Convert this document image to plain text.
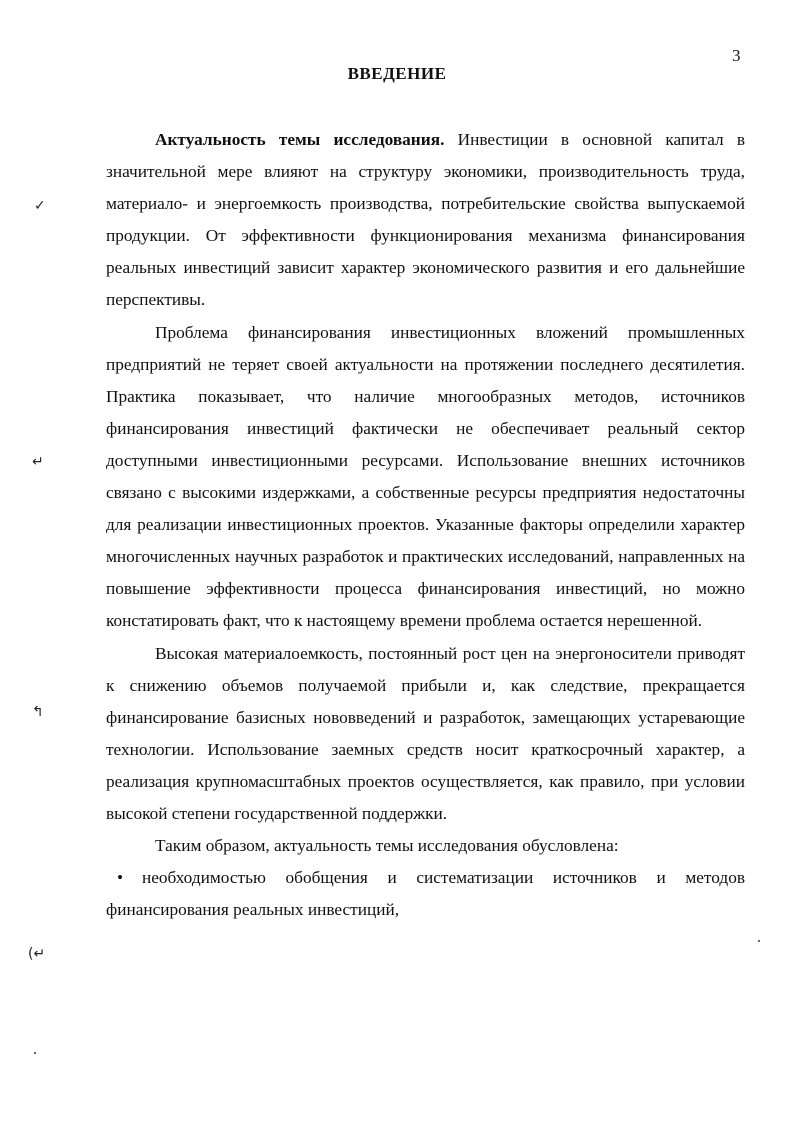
3
ВВЕДЕНИЕ
✓
↵
↰
(↵

Актуальность темы исследования. Инвестиции в основной капитал в значительной мере влияют на структуру экономики, производительность труда, материало- и энергоемкость производства, потребительские свойства выпускаемой продукции. От эффективности функционирования механизма финансирования реальных инвестиций зависит характер экономического развития и его дальнейшие перспективы.

Проблема финансирования инвестиционных вложений промышленных предприятий не теряет своей актуальности на протяжении последнего десятилетия. Практика показывает, что наличие многообразных методов, источников финансирования инвестиций фактически не обеспечивает реальный сектор доступными инвестиционными ресурсами. Использование внешних источников связано с высокими издержками, а собственные ресурсы предприятия недостаточны для реализации инвестиционных проектов. Указанные факторы определили характер многочисленных научных разработок и практических исследований, направленных на повышение эффективности процесса финансирования инвестиций, но можно констатировать факт, что к настоящему времени проблема остается нерешенной.

Высокая материалоемкость, постоянный рост цен на энергоносители приводят к снижению объемов получаемой прибыли и, как следствие, прекращается финансирование базисных нововведений и разработок, замещающих устаревающие технологии. Использование заемных средств носит краткосрочный характер, а реализация крупномасштабных проектов осуществляется, как правило, при условии высокой степени государственной поддержки.

Таким образом, актуальность темы исследования обусловлена:

• необходимостью обобщения и систематизации источников и методов финансирования реальных инвестиций,
